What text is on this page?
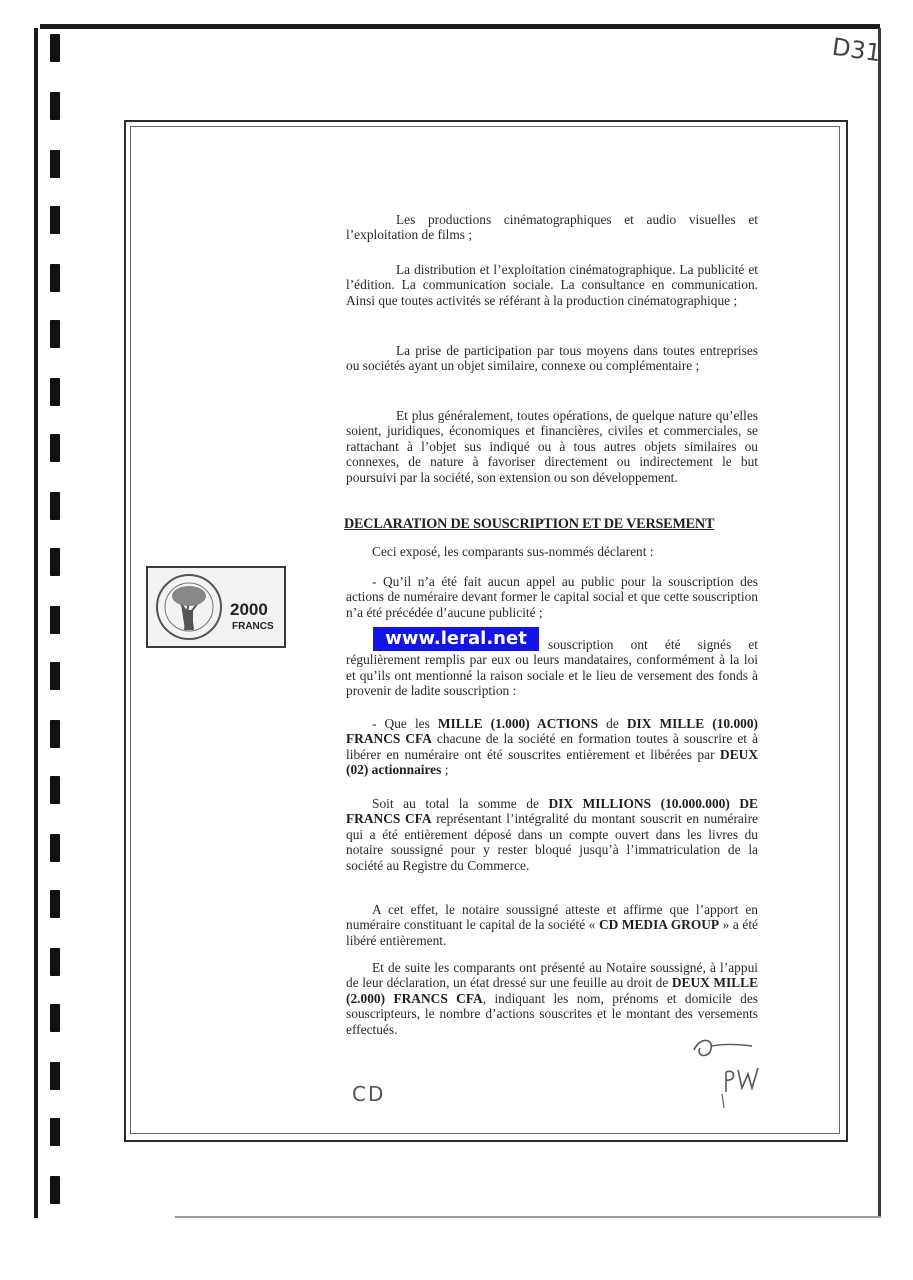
D31
Les productions cinématographiques et audio visuelles et l’exploitation de films ;
La distribution et l’exploitation cinématographique. La publicité et l’édition. La communication sociale. La consultance en communication. Ainsi que toutes activités se référant à la production cinématographique ;
La prise de participation par tous moyens dans toutes entreprises ou sociétés ayant un objet similaire, connexe ou complémentaire ;
Et plus généralement, toutes opérations, de quelque nature qu’elles soient, juridiques, économiques et financières, civiles et commerciales, se rattachant à l’objet sus indiqué ou à tous autres objets similaires ou connexes, de nature à favoriser directement ou indirectement le but poursuivi par la société, son extension ou son développement.
DECLARATION DE SOUSCRIPTION ET DE VERSEMENT
Ceci exposé, les comparants sus-nommés déclarent :
- Qu’il n’a été fait aucun appel au public pour la souscription des actions de numéraire devant former le capital social et que cette souscription n’a été précédée d’aucune publicité ;
souscription ont été signés et régulièrement remplis par eux ou leurs mandataires, conformément à la loi et qu’ils ont mentionné la raison sociale et le lieu de versement des fonds à provenir de ladite souscription :
- Que les MILLE (1.000) ACTIONS de DIX MILLE (10.000) FRANCS CFA chacune de la société en formation toutes à souscrire et à libérer en numéraire ont été souscrites entièrement et libérées par DEUX (02) actionnaires ;
Soit au total la somme de DIX MILLIONS (10.000.000) DE FRANCS CFA représentant l’intégralité du montant souscrit en numéraire qui a été entièrement déposé dans un compte ouvert dans les livres du notaire soussigné pour y rester bloqué jusqu’à l’immatriculation de la société au Registre du Commerce.
A cet effet, le notaire soussigné atteste et affirme que l’apport en numéraire constituant le capital de la société « CD MEDIA GROUP » a été libéré entièrement.
Et de suite les comparants ont présenté au Notaire soussigné, à l’appui de leur déclaration, un état dressé sur une feuille au droit de DEUX MILLE (2.000) FRANCS CFA, indiquant les nom, prénoms et domicile des souscripteurs, le nombre d’actions souscrites et le montant des versements effectués.
2000
FRANCS
www.leral.net
CD
